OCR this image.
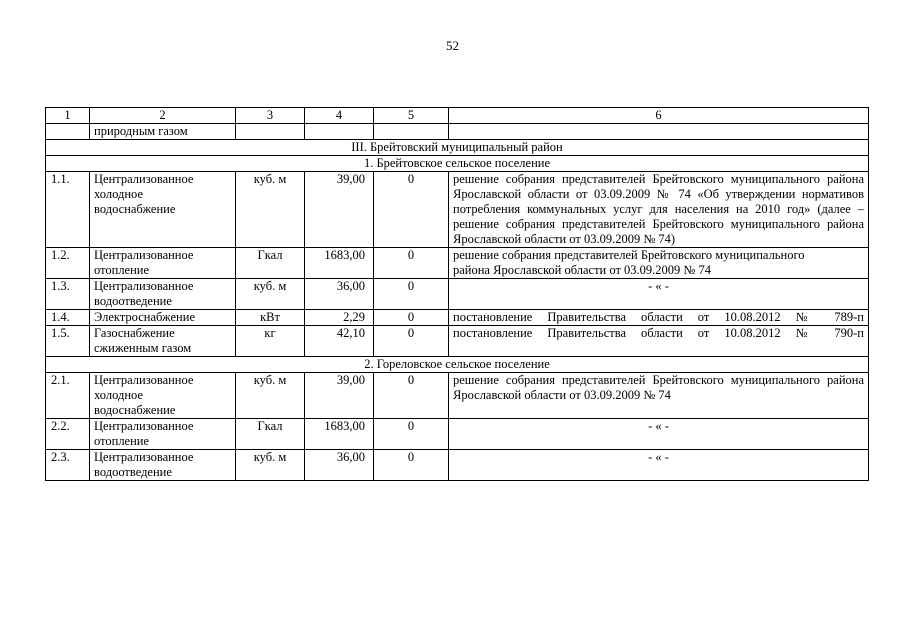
52
1	2	3	4	5	6
	природным газом				
III. Брейтовский муниципальный район					
1. Брейтовское сельское поселение					
1.1.	Централизованное холодное водоснабжение	куб. м	39,00	0	решение собрания представителей Брейтовского муниципального района Ярославской области от 03.09.2009 № 74 «Об утверждении нормативов потребления коммунальных услуг для населения на 2010 год» (далее – решение собрания представителей Брейтовского муниципального района Ярославской области от 03.09.2009 № 74)
1.2.	Централизованное отопление	Гкал	1683,00	0	решение собрания представителей Брейтовского муниципального района Ярославской области от 03.09.2009 № 74
1.3.	Централизованное водоотведение	куб. м	36,00	0	- « -
1.4.	Электроснабжение	кВт	2,29	0	постановление Правительства области от 10.08.2012 № 789-п
1.5.	Газоснабжение сжиженным газом	кг	42,10	0	постановление Правительства области от 10.08.2012 № 790-п
2. Гореловское сельское поселение					
2.1.	Централизованное холодное водоснабжение	куб. м	39,00	0	решение собрания представителей Брейтовского муниципального района Ярославской области от 03.09.2009 № 74
2.2.	Централизованное отопление	Гкал	1683,00	0	- « -
2.3.	Централизованное водоотведение	куб. м	36,00	0	- « -
